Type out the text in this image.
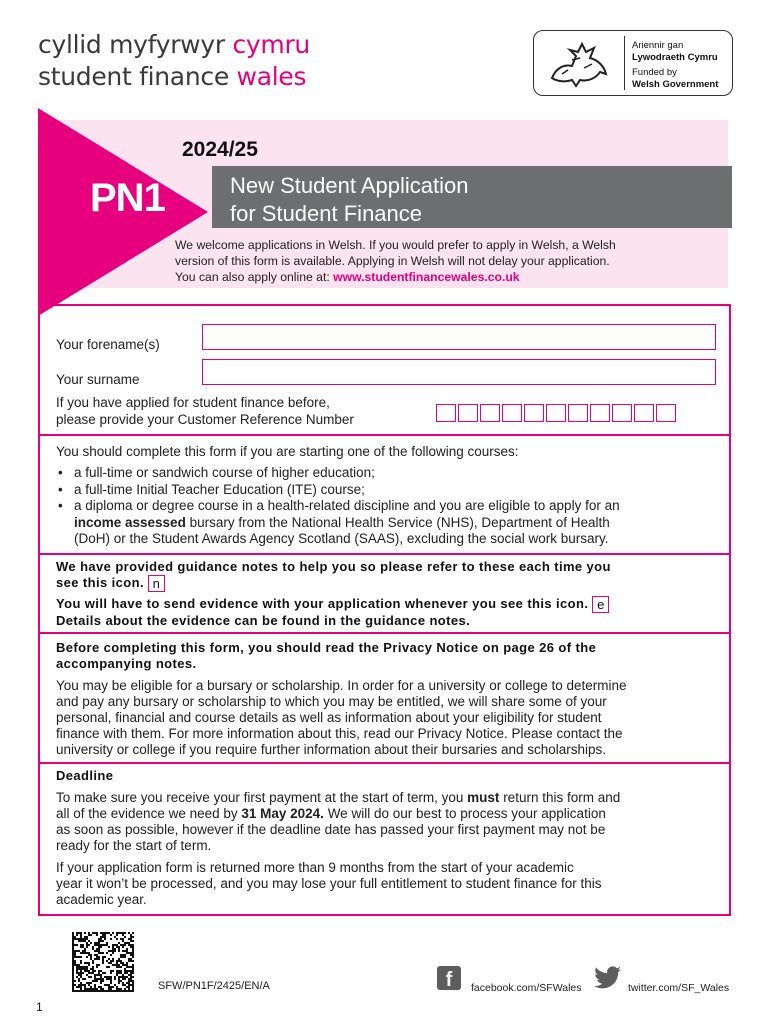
cyllid myfyrwyr cymru
student finance wales
Ariennir gan
Lywodraeth Cymru
Funded by
Welsh Government
2024/25
PN1	New Student Application
for Student Finance
We welcome applications in Welsh. If you would prefer to apply in Welsh, a Welsh
version of this form is available. Applying in Welsh will not delay your application.
You can also apply online at: www.studentfinancewales.co.uk
Your forename(s)
Your surname
If you have applied for student finance before,
please provide your Customer Reference Number
You should complete this form if you are starting one of the following courses:
• a full-time or sandwich course of higher education;
• a full-time Initial Teacher Education (ITE) course;
• a diploma or degree course in a health-related discipline and you are eligible to apply for an
income assessed bursary from the National Health Service (NHS), Department of Health
(DoH) or the Student Awards Agency Scotland (SAAS), excluding the social work bursary.
We have provided guidance notes to help you so please refer to these each time you
see this icon. n
You will have to send evidence with your application whenever you see this icon. e
Details about the evidence can be found in the guidance notes.
Before completing this form, you should read the Privacy Notice on page 26 of the
accompanying notes.
You may be eligible for a bursary or scholarship. In order for a university or college to determine
and pay any bursary or scholarship to which you may be entitled, we will share some of your
personal, financial and course details as well as information about your eligibility for student
finance with them. For more information about this, read our Privacy Notice. Please contact the
university or college if you require further information about their bursaries and scholarships.
Deadline
To make sure you receive your first payment at the start of term, you must return this form and
all of the evidence we need by 31 May 2024. We will do our best to process your application
as soon as possible, however if the deadline date has passed your first payment may not be
ready for the start of term.
If your application form is returned more than 9 months from the start of your academic
year it won’t be processed, and you may lose your full entitlement to student finance for this
academic year.
SFW/PN1F/2425/EN/A	f	facebook.com/SFWales	twitter.com/SF_Wales
1
